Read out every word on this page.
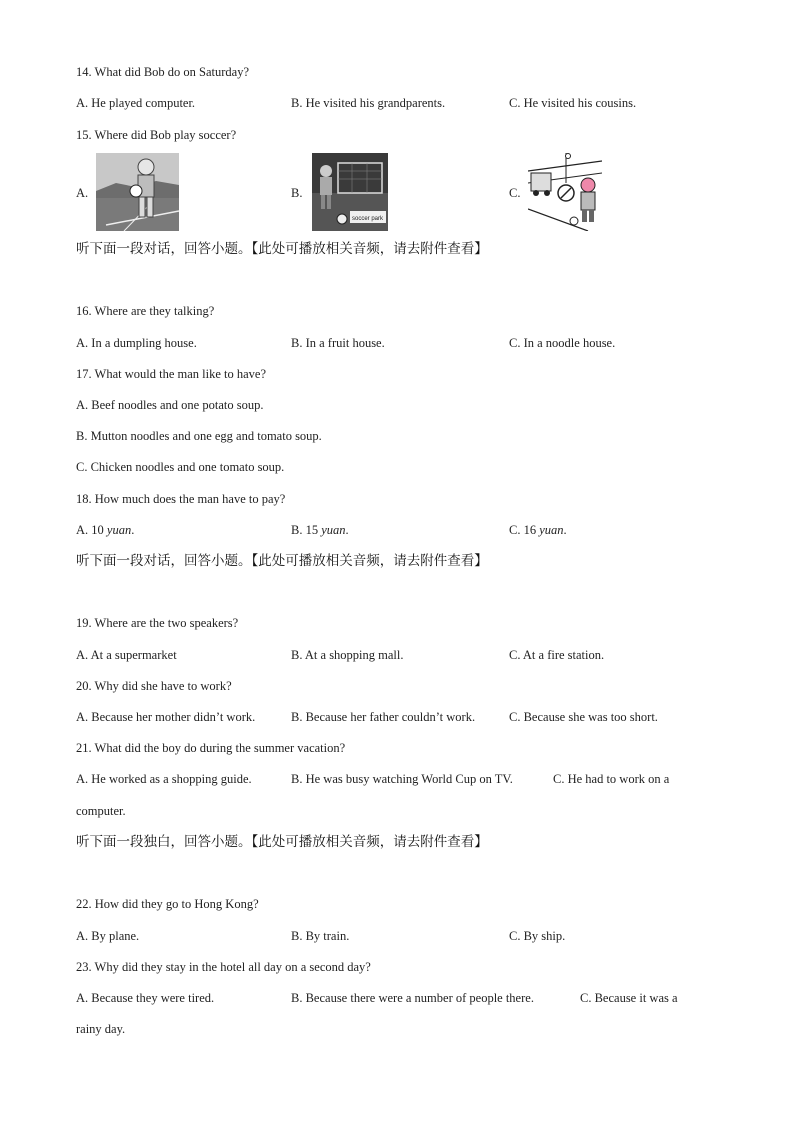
14. What did Bob do on Saturday?
A. He played computer.	B. He visited his grandparents.	C. He visited his cousins.
15. Where did Bob play soccer?
A.	B.
soccer park
C.
听下面一段对话，回答小题。【此处可播放相关音频，请去附件查看】
16. Where are they talking?
A. In a dumpling house.	B. In a fruit house.	C. In a noodle house.
17. What would the man like to have?
A. Beef noodles and one potato soup.
B. Mutton noodles and one egg and tomato soup.
C. Chicken noodles and one tomato soup.
18. How much does the man have to pay?
A. 10 yuan.	B. 15 yuan.	C. 16 yuan.
听下面一段对话，回答小题。【此处可播放相关音频，请去附件查看】
19. Where are the two speakers?
A. At a supermarket	B. At a shopping mall.	C. At a fire station.
20. Why did she have to work?
A. Because her mother didn’t work.	B. Because her father couldn’t work.	C. Because she was too short.
21. What did the boy do during the summer vacation?
A. He worked as a shopping guide.	B. He was busy watching World Cup on TV.	C. He had to work on a
computer.
听下面一段独白，回答小题。【此处可播放相关音频，请去附件查看】
22. How did they go to Hong Kong?
A. By plane.	B. By train.	C. By ship.
23. Why did they stay in the hotel all day on a second day?
A. Because they were tired.	B. Because there were a number of people there.	C. Because it was a
rainy day.
